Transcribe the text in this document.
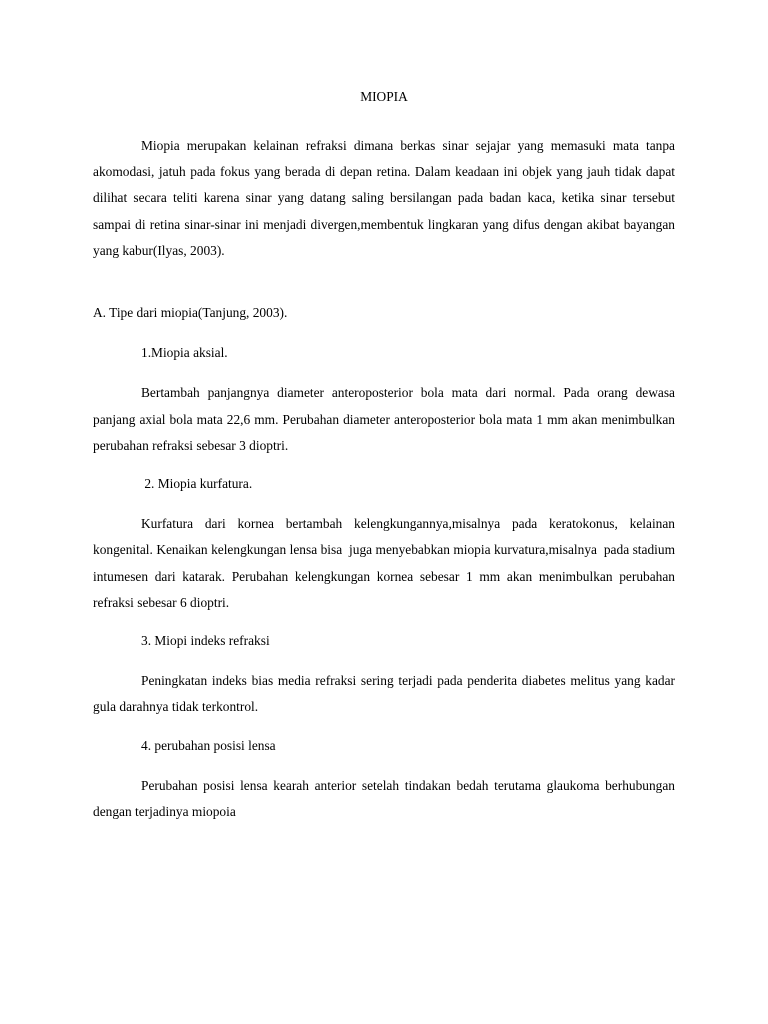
MIOPIA

Miopia merupakan kelainan refraksi dimana berkas sinar sejajar yang memasuki mata tanpa akomodasi, jatuh pada fokus yang berada di depan retina. Dalam keadaan ini objek yang jauh tidak dapat dilihat secara teliti karena sinar yang datang saling bersilangan pada badan kaca, ketika sinar tersebut sampai di retina sinar-sinar ini menjadi divergen,membentuk lingkaran yang difus dengan akibat bayangan yang kabur(Ilyas, 2003).

A. Tipe dari miopia(Tanjung, 2003).

1.Miopia aksial.

Bertambah panjangnya diameter anteroposterior bola mata dari normal. Pada orang dewasa panjang axial bola mata 22,6 mm. Perubahan diameter anteroposterior bola mata 1 mm akan menimbulkan perubahan refraksi sebesar 3 dioptri.

2. Miopia kurfatura.

Kurfatura dari kornea bertambah kelengkungannya,misalnya pada keratokonus, kelainan kongenital. Kenaikan kelengkungan lensa bisa  juga menyebabkan miopia kurvatura,misalnya  pada stadium intumesen dari katarak. Perubahan kelengkungan kornea sebesar 1 mm akan menimbulkan perubahan refraksi sebesar 6 dioptri.

3. Miopi indeks refraksi

Peningkatan indeks bias media refraksi sering terjadi pada penderita diabetes melitus yang kadar gula darahnya tidak terkontrol.

4. perubahan posisi lensa

Perubahan posisi lensa kearah anterior setelah tindakan bedah terutama glaukoma berhubungan dengan terjadinya miopoia
